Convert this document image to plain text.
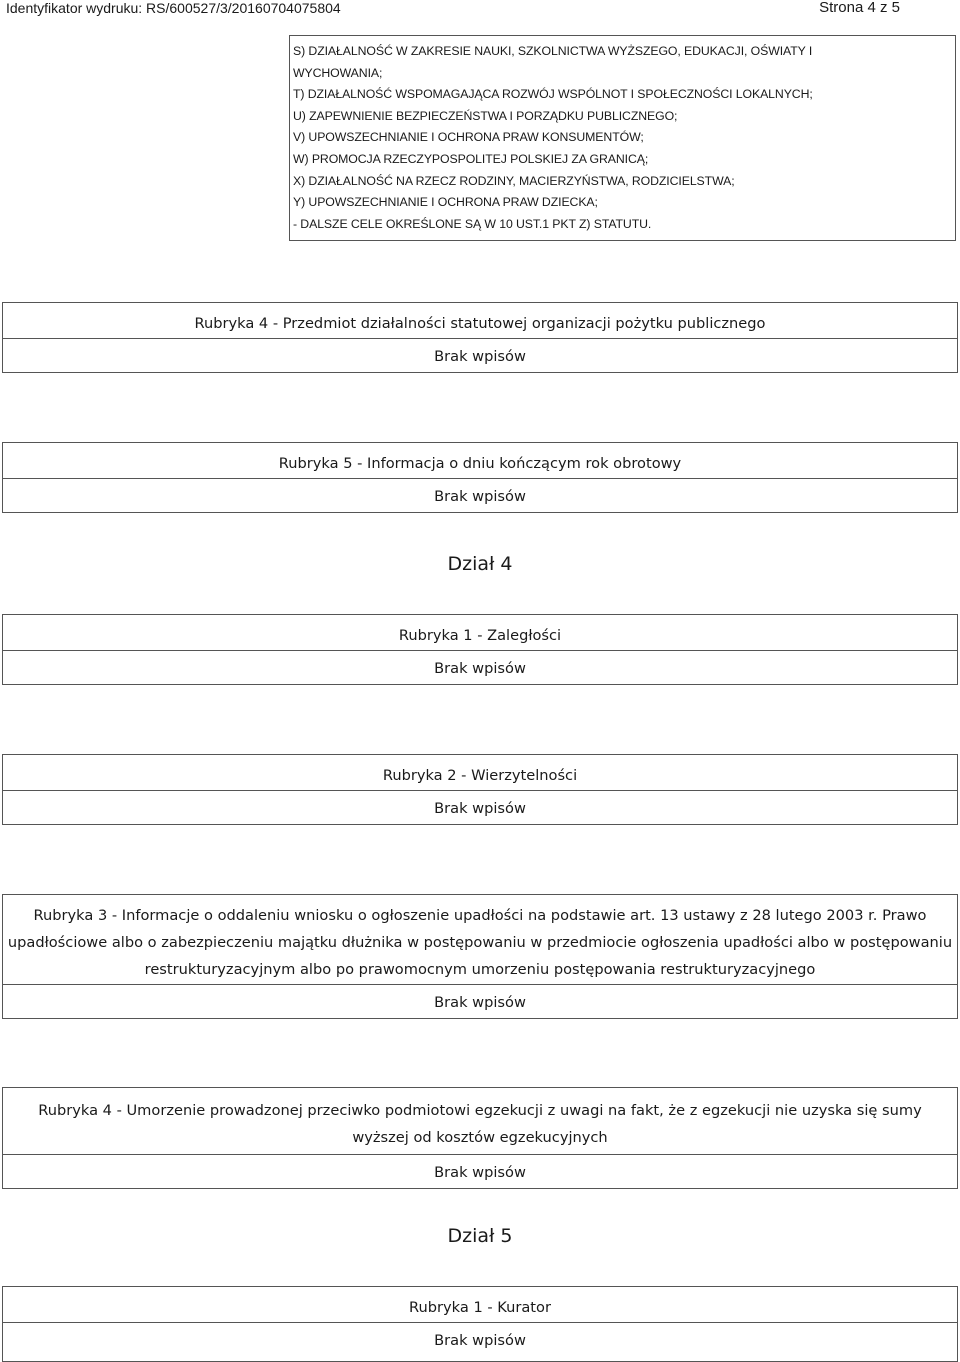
Identyfikator wydruku: RS/600527/3/20160704075804	Strona 4 z 5
S) DZIAŁALNOŚĆ W ZAKRESIE NAUKI, SZKOLNICTWA WYŻSZEGO, EDUKACJI, OŚWIATY I
WYCHOWANIA;
T) DZIAŁALNOŚĆ WSPOMAGAJĄCA ROZWÓJ WSPÓLNOT I SPOŁECZNOŚCI LOKALNYCH;
U) ZAPEWNIENIE BEZPIECZEŃSTWA I PORZĄDKU PUBLICZNEGO;
V) UPOWSZECHNIANIE I OCHRONA PRAW KONSUMENTÓW;
W) PROMOCJA RZECZYPOSPOLITEJ POLSKIEJ ZA GRANICĄ;
X) DZIAŁALNOŚĆ NA RZECZ RODZINY, MACIERZYŃSTWA, RODZICIELSTWA;
Y) UPOWSZECHNIANIE I OCHRONA PRAW DZIECKA;
- DALSZE CELE OKREŚLONE SĄ W 10 UST.1 PKT Z) STATUTU.
Rubryka 4 - Przedmiot działalności statutowej organizacji pożytku publicznego
Brak wpisów
Rubryka 5 - Informacja o dniu kończącym rok obrotowy
Brak wpisów
Dział 4
Rubryka 1 - Zaległości
Brak wpisów
Rubryka 2 - Wierzytelności
Brak wpisów
Rubryka 3 - Informacje o oddaleniu wniosku o ogłoszenie upadłości na podstawie art. 13 ustawy z 28 lutego 2003 r. Prawo upadłościowe albo o zabezpieczeniu majątku dłużnika w postępowaniu w przedmiocie ogłoszenia upadłości albo w postępowaniu restrukturyzacyjnym albo po prawomocnym umorzeniu postępowania restrukturyzacyjnego
Brak wpisów
Rubryka 4 - Umorzenie prowadzonej przeciwko podmiotowi egzekucji z uwagi na fakt, że z egzekucji nie uzyska się sumy wyższej od kosztów egzekucyjnych
Brak wpisów
Dział 5
Rubryka 1 - Kurator
Brak wpisów
